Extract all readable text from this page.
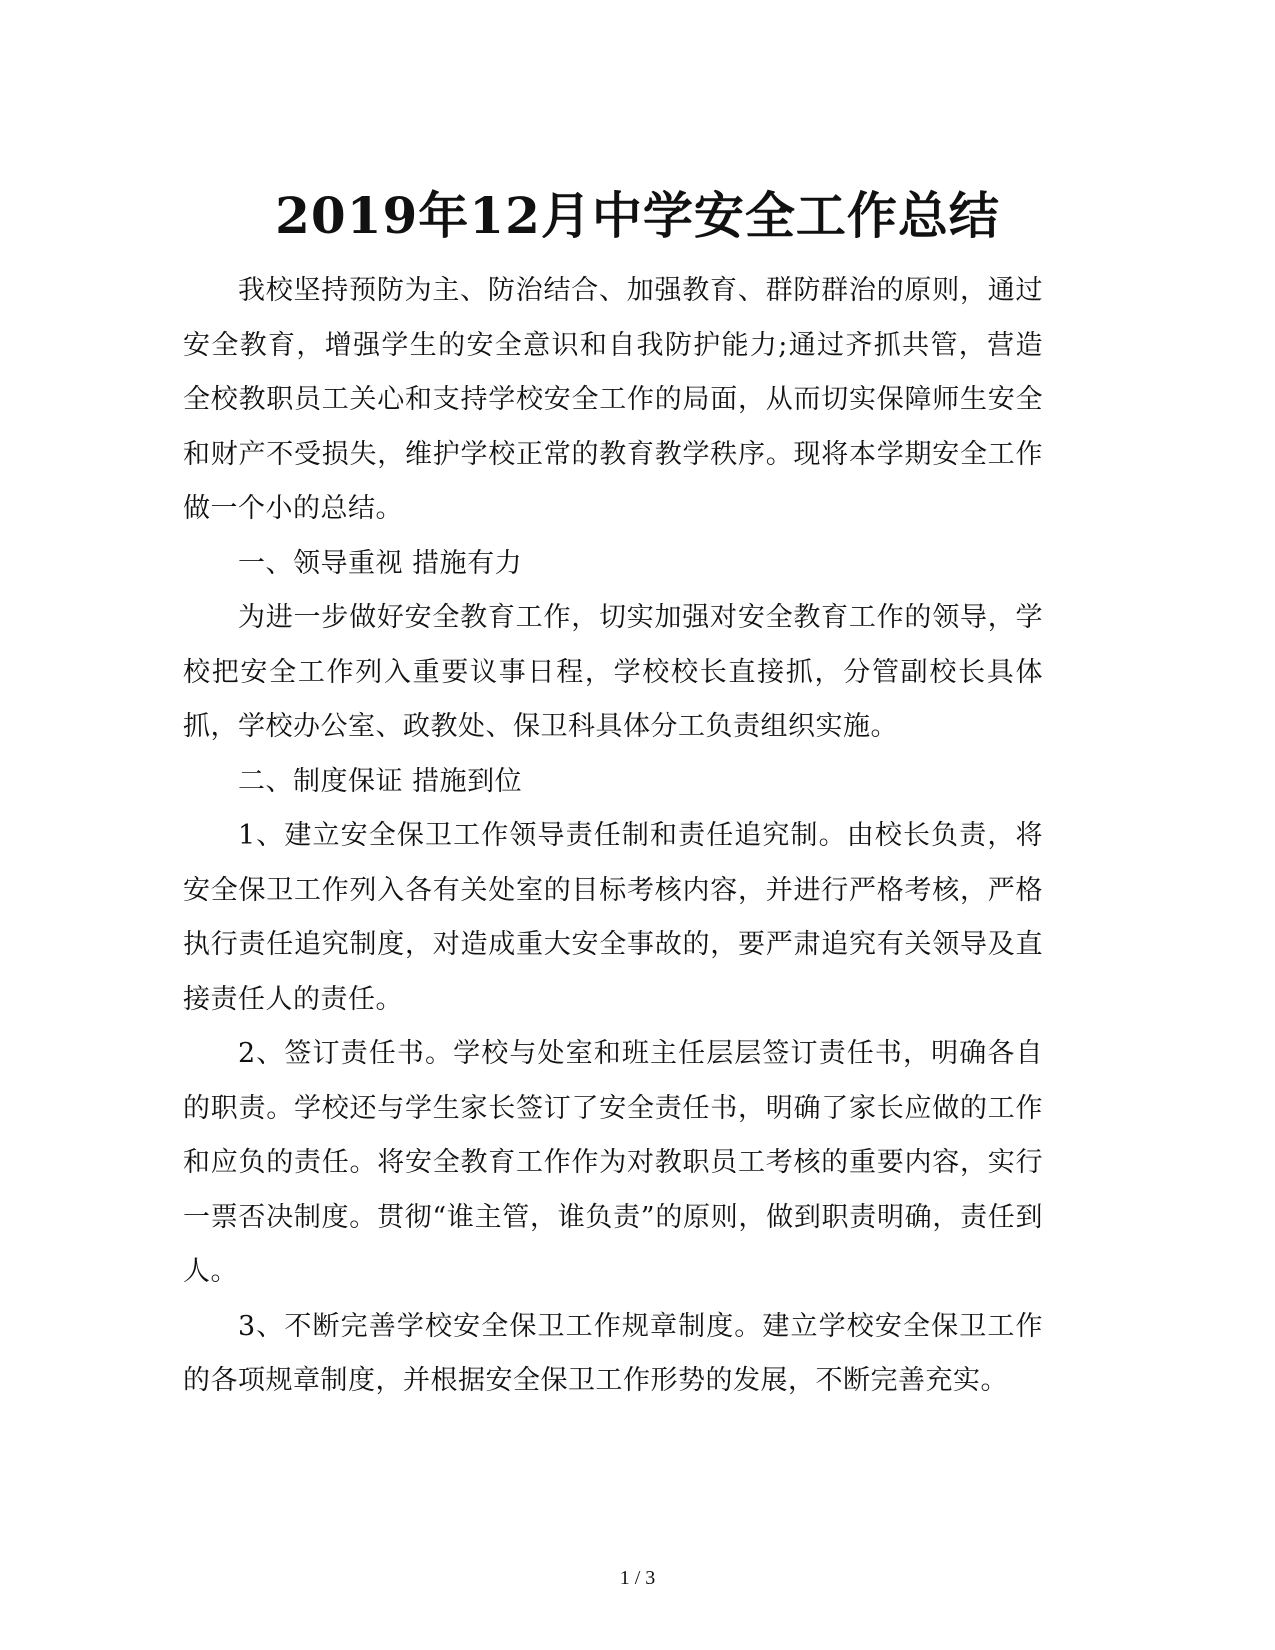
2019年12月中学安全工作总结

我校坚持预防为主、防治结合、加强教育、群防群治的原则，通过安全教育，增强学生的安全意识和自我防护能力;通过齐抓共管，营造全校教职员工关心和支持学校安全工作的局面，从而切实保障师生安全和财产不受损失，维护学校正常的教育教学秩序。现将本学期安全工作做一个小的总结。

一、领导重视 措施有力

为进一步做好安全教育工作，切实加强对安全教育工作的领导，学校把安全工作列入重要议事日程，学校校长直接抓，分管副校长具体抓，学校办公室、政教处、保卫科具体分工负责组织实施。

二、制度保证 措施到位

1、建立安全保卫工作领导责任制和责任追究制。由校长负责，将安全保卫工作列入各有关处室的目标考核内容，并进行严格考核，严格执行责任追究制度，对造成重大安全事故的，要严肃追究有关领导及直接责任人的责任。

2、签订责任书。学校与处室和班主任层层签订责任书，明确各自的职责。学校还与学生家长签订了安全责任书，明确了家长应做的工作和应负的责任。将安全教育工作作为对教职员工考核的重要内容，实行一票否决制度。贯彻“谁主管，谁负责”的原则，做到职责明确，责任到人。

3、不断完善学校安全保卫工作规章制度。建立学校安全保卫工作的各项规章制度，并根据安全保卫工作形势的发展，不断完善充实。

1 / 3
